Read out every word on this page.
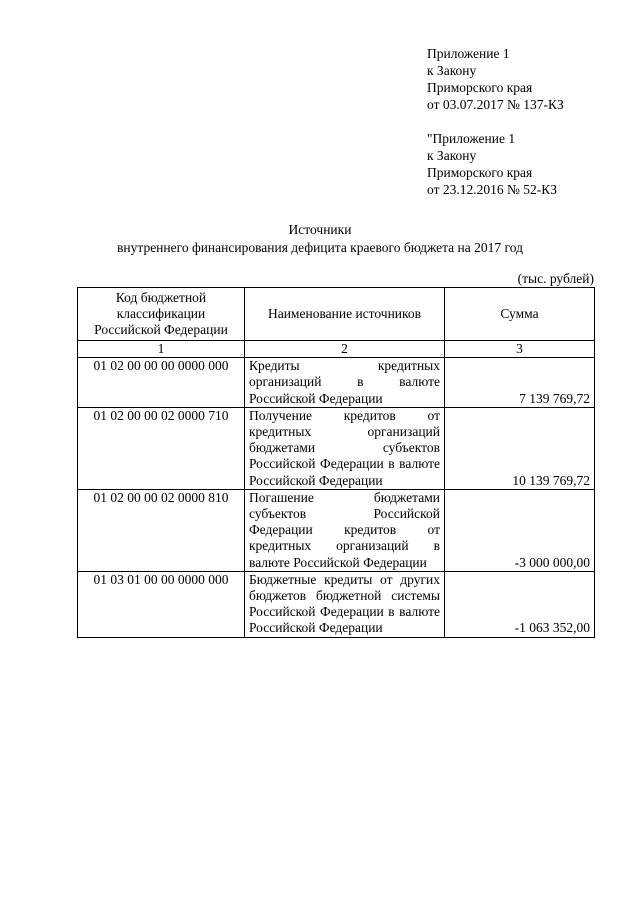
Приложение 1
к Закону
Приморского края
от 03.07.2017 № 137-КЗ
"Приложение 1
к Закону
Приморского края
от 23.12.2016 № 52-КЗ
Источники
внутреннего финансирования дефицита краевого бюджета на 2017 год
(тыс. рублей)
Код бюджетной классификации Российской Федерации	Наименование источников	Сумма
1	2	3
01 02 00 00 00 0000 000	Кредиты кредитных организаций в валюте Российской Федерации	7 139 769,72
01 02 00 00 02 0000 710	Получение кредитов от кредитных организаций бюджетами субъектов Российской Федерации в валюте Российской Федерации	10 139 769,72
01 02 00 00 02 0000 810	Погашение бюджетами субъектов Российской Федерации кредитов от кредитных организаций в валюте Российской Федерации	-3 000 000,00
01 03 01 00 00 0000 000	Бюджетные кредиты от других бюджетов бюджетной системы Российской Федерации в валюте Российской Федерации	-1 063 352,00
